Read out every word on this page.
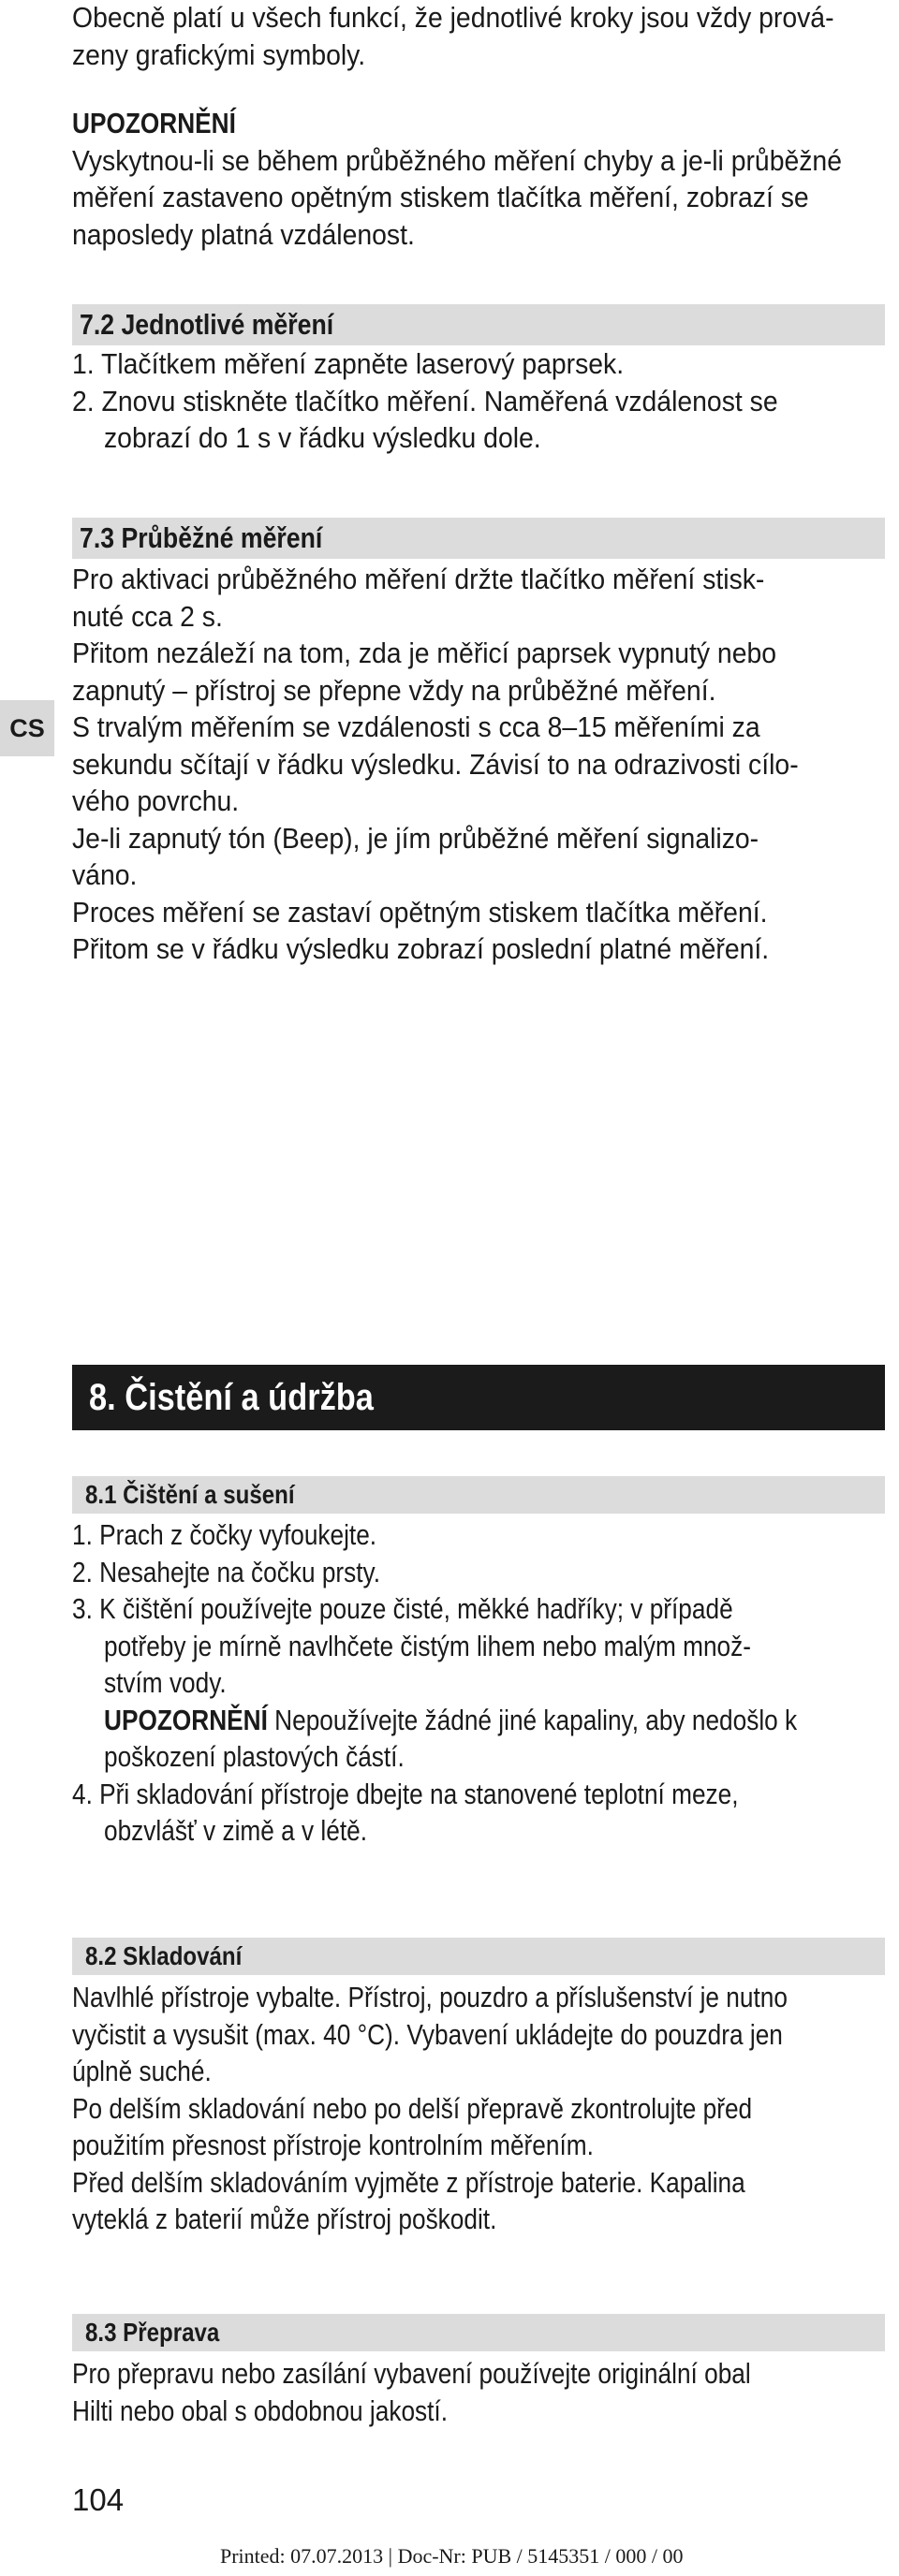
Obecně platí u všech funkcí, že jednotlivé kroky jsou vždy prová-

zeny grafickými symboly.

UPOZORNĚNÍ

Vyskytnou-li se během průběžného měření chyby a je-li průběžné

měření zastaveno opětným stiskem tlačítka měření, zobrazí se

naposledy platná vzdálenost.

7.2 Jednotlivé měření

1. Tlačítkem měření zapněte laserový paprsek.

2. Znovu stiskněte tlačítko měření. Naměřená vzdálenost se

zobrazí do 1 s v řádku výsledku dole.

7.3 Průběžné měření

Pro aktivaci průběžného měření držte tlačítko měření stisk-

nuté cca 2 s.

Přitom nezáleží na tom, zda je měřicí paprsek vypnutý nebo

zapnutý – přístroj se přepne vždy na průběžné měření.

S trvalým měřením se vzdálenosti s cca 8–15 měřeními za

sekundu sčítají v řádku výsledku. Závisí to na odrazivosti cílo-

vého povrchu.

Je-li zapnutý tón (Beep), je jím průběžné měření signalizo-

váno.

Proces měření se zastaví opětným stiskem tlačítka měření.

Přitom se v řádku výsledku zobrazí poslední platné měření.

CS
8. Čistění a údržba
8.1 Čištění a sušení

1. Prach z čočky vyfoukejte.

2. Nesahejte na čočku prsty.

3. K čištění používejte pouze čisté, měkké hadříky; v případě

potřeby je mírně navlhčete čistým lihem nebo malým množ-

stvím vody.

UPOZORNĚNÍ Nepoužívejte žádné jiné kapaliny, aby nedošlo k

poškození plastových částí.

4. Při skladování přístroje dbejte na stanovené teplotní meze,

obzvlášť v zimě a v létě.

8.2 Skladování

Navlhlé přístroje vybalte. Přístroj, pouzdro a příslušenství je nutno

vyčistit a vysušit (max. 40 °C). Vybavení ukládejte do pouzdra jen

úplně suché.

Po delším skladování nebo po delší přepravě zkontrolujte před

použitím přesnost přístroje kontrolním měřením.

Před delším skladováním vyjměte z přístroje baterie. Kapalina

vyteklá z baterií může přístroj poškodit.

8.3 Přeprava

Pro přepravu nebo zasílání vybavení používejte originální obal

Hilti nebo obal s obdobnou jakostí.

104
Printed: 07.07.2013 | Doc-Nr: PUB / 5145351 / 000 / 00
